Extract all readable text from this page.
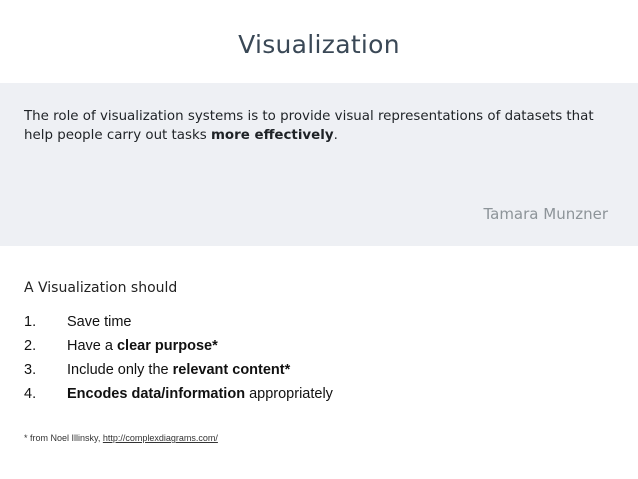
Visualization
The role of visualization systems is to provide visual representations of datasets that help people carry out tasks more effectively.
Tamara Munzner
A Visualization should
1. Save time
2. Have a clear purpose*
3. Include only the relevant content*
4. Encodes data/information appropriately
* from Noel Illinsky, http://complexdiagrams.com/
